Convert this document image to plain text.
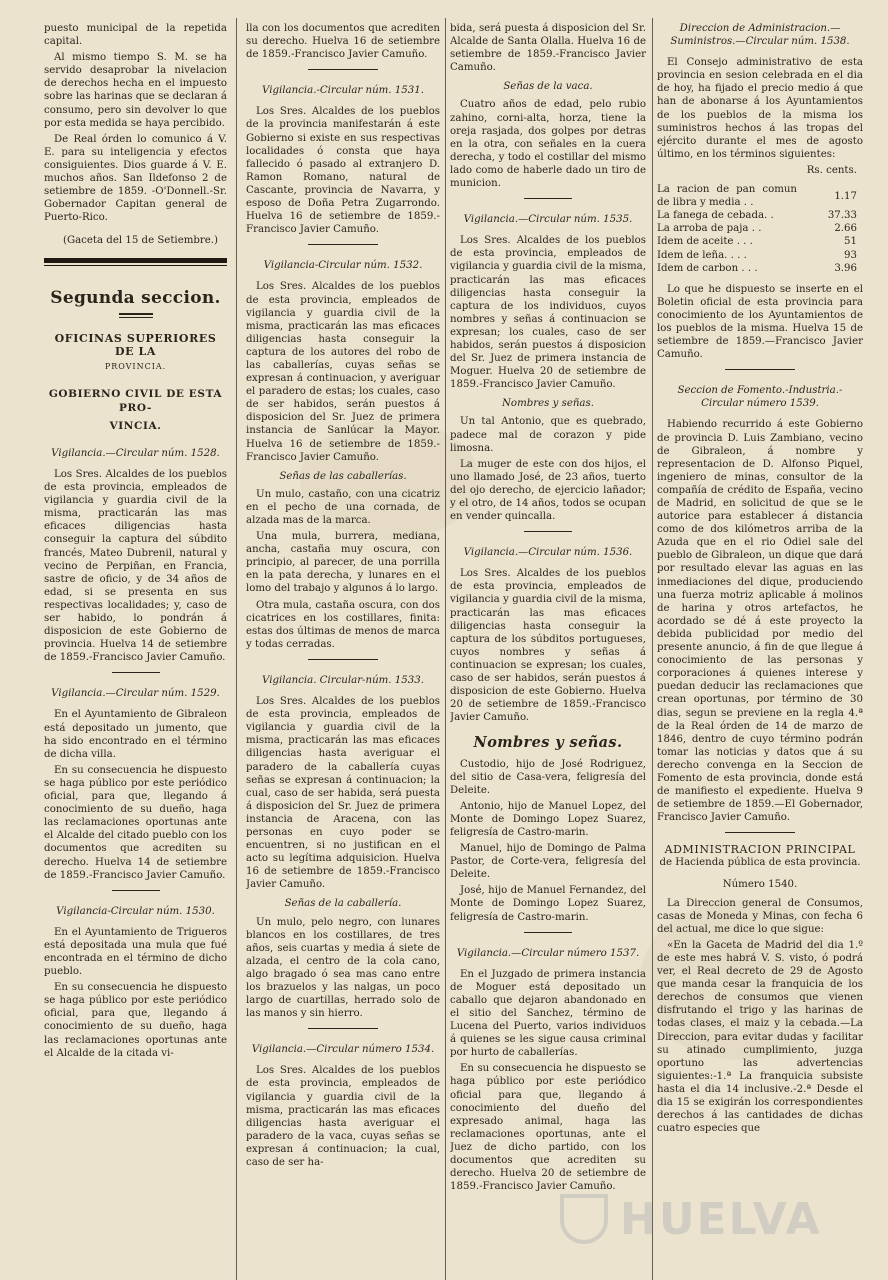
puesto municipal de la repetida capital.

Al mismo tiempo S. M. se ha servido desaprobar la nivelacion de derechos hecha en el impuesto sobre las harinas que se declaran á consumo, pero sin devolver lo que por esta medida se haya percibido.

De Real órden lo comunico á V. E. para su inteligencia y efectos consiguientes. Dios guarde á V. E. muchos años. San Ildefonso 2 de setiembre de 1859. -O'Donnell.-Sr. Gobernador Capitan general de Puerto-Rico.

(Gaceta del 15 de Setiembre.)

Segunda seccion.
OFICINAS SUPERIORES DE LA
PROVINCIA.
GOBIERNO CIVIL DE ESTA PRO-
VINCIA.
Vigilancia.—Circular núm. 1528.

Los Sres. Alcaldes de los pueblos de esta provincia, empleados de vigilancia y guardia civil de la misma, practicarán las mas eficaces diligencias hasta conseguir la captura del súbdito francés, Mateo Dubrenil, natural y vecino de Perpiñan, en Francia, sastre de oficio, y de 34 años de edad, si se presenta en sus respectivas localidades; y, caso de ser habido, lo pondrán á disposicion de este Gobierno de provincia. Huelva 14 de setiembre de 1859.-Francisco Javier Camuño.

Vigilancia.—Circular núm. 1529.

En el Ayuntamiento de Gibraleon está depositado un jumento, que ha sido encontrado en el término de dicha villa.

En su consecuencia he dispuesto se haga público por este periódico oficial, para que, llegando á conocimiento de su dueño, haga las reclamaciones oportunas ante el Alcalde del citado pueblo con los documentos que acrediten su derecho. Huelva 14 de setiembre de 1859.-Francisco Javier Camuño.

Vigilancia-Circular núm. 1530.

En el Ayuntamiento de Trigueros está depositada una mula que fué encontrada en el término de dicho pueblo.

En su consecuencia he dispuesto se haga público por este periódico oficial, para que, llegando á conocimiento de su dueño, haga las reclamaciones oportunas ante el Alcalde de la citada vi-

lla con los documentos que acrediten su derecho. Huelva 16 de setiembre de 1859.-Francisco Javier Camuño.

Vigilancia.-Circular núm. 1531.

Los Sres. Alcaldes de los pueblos de la provincia manifestarán á este Gobierno si existe en sus respectivas localidades ó consta que haya fallecido ó pasado al extranjero D. Ramon Romano, natural de Cascante, provincia de Navarra, y esposo de Doña Petra Zugarrondo. Huelva 16 de setiembre de 1859.-Francisco Javier Camuño.

Vigilancia-Circular núm. 1532.

Los Sres. Alcaldes de los pueblos de esta provincia, empleados de vigilancia y guardia civil de la misma, practicarán las mas eficaces diligencias hasta conseguir la captura de los autores del robo de las caballerías, cuyas señas se expresan á continuacion, y averiguar el paradero de estas; los cuales, caso de ser habidos, serán puestos á disposicion del Sr. Juez de primera instancia de Sanlúcar la Mayor. Huelva 16 de setiembre de 1859.-Francisco Javier Camuño.

Señas de las caballerías.

Un mulo, castaño, con una cicatriz en el pecho de una cornada, de alzada mas de la marca.

Una mula, burrera, mediana, ancha, castaña muy oscura, con principio, al parecer, de una porrilla en la pata derecha, y lunares en el lomo del trabajo y algunos á lo largo.

Otra mula, castaña oscura, con dos cicatrices en los costillares, finita: estas dos últimas de menos de marca y todas cerradas.

Vigilancia. Circular-núm. 1533.

Los Sres. Alcaldes de los pueblos de esta provincia, empleados de vigilancia y guardia civil de la misma, practicarán las mas eficaces diligencias hasta averiguar el paradero de la caballería cuyas señas se expresan á continuacion; la cual, caso de ser habida, será puesta á disposicion del Sr. Juez de primera instancia de Aracena, con las personas en cuyo poder se encuentren, si no justifican en el acto su legítima adquisicion. Huelva 16 de setiembre de 1859.-Francisco Javier Camuño.

Señas de la caballería.

Un mulo, pelo negro, con lunares blancos en los costillares, de tres años, seis cuartas y media á siete de alzada, el centro de la cola cano, algo bragado ó sea mas cano entre los brazuelos y las nalgas, un poco largo de cuartillas, herrado solo de las manos y sin hierro.

Vigilancia.—Circular número 1534.

Los Sres. Alcaldes de los pueblos de esta provincia, empleados de vigilancia y guardia civil de la misma, practicarán las mas eficaces diligencias hasta averiguar el paradero de la vaca, cuyas señas se expresan á continuacion; la cual, caso de ser ha-

bida, será puesta á disposicion del Sr. Alcalde de Santa Olalla. Huelva 16 de setiembre de 1859.-Francisco Javier Camuño.

Señas de la vaca.

Cuatro años de edad, pelo rubio zahino, corni-alta, horza, tiene la oreja rasjada, dos golpes por detras en la otra, con señales en la cuera derecha, y todo el costillar del mismo lado como de haberle dado un tiro de municion.

Vigilancia.—Circular núm. 1535.

Los Sres. Alcaldes de los pueblos de esta provincia, empleados de vigilancia y guardia civil de la misma, practicarán las mas eficaces diligencias hasta conseguir la captura de los individuos, cuyos nombres y señas á continuacion se expresan; los cuales, caso de ser habidos, serán puestos á disposicion del Sr. Juez de primera instancia de Moguer. Huelva 20 de setiembre de 1859.-Francisco Javier Camuño.

Nombres y señas.

Un tal Antonio, que es quebrado, padece mal de corazon y pide limosna.

La muger de este con dos hijos, el uno llamado José, de 23 años, tuerto del ojo derecho, de ejercicio lañador; y el otro, de 14 años, todos se ocupan en vender quincalla.

Vigilancia.—Circular núm. 1536.

Los Sres. Alcaldes de los pueblos de esta provincia, empleados de vigilancia y guardia civil de la misma, practicarán las mas eficaces diligencias hasta conseguir la captura de los súbditos portugueses, cuyos nombres y señas á continuacion se expresan; los cuales, caso de ser habidos, serán puestos á disposicion de este Gobierno. Huelva 20 de setiembre de 1859.-Francisco Javier Camuño.

Nombres y señas.

Custodio, hijo de José Rodriguez, del sitio de Casa-vera, feligresía del Deleite.

Antonio, hijo de Manuel Lopez, del Monte de Domingo Lopez Suarez, feligresía de Castro-marin.

Manuel, hijo de Domingo de Palma Pastor, de Corte-vera, feligresía del Deleite.

José, hijo de Manuel Fernandez, del Monte de Domingo Lopez Suarez, feligresía de Castro-marin.

Vigilancia.—Circular número 1537.

En el Juzgado de primera instancia de Moguer está depositado un caballo que dejaron abandonado en el sitio del Sanchez, término de Lucena del Puerto, varios individuos á quienes se les sigue causa criminal por hurto de caballerías.

En su consecuencia he dispuesto se haga público por este periódico oficial para que, llegando á conocimiento del dueño del expresado animal, haga las reclamaciones oportunas, ante el Juez de dicho partido, con los documentos que acrediten su derecho. Huelva 20 de setiembre de 1859.-Francisco Javier Camuño.

Direccion de Administracion.—Suministros.—Circular núm. 1538.

El Consejo administrativo de esta provincia en sesion celebrada en el dia de hoy, ha fijado el precio medio á que han de abonarse á los Ayuntamientos de los pueblos de la misma los suministros hechos á las tropas del ejército durante el mes de agosto último, en los términos siguientes:

Rs. cents.
La racion de pan comun de libra y media . .	1.17
La fanega de cebada. .	37.33
La arroba de paja . .	2.66
Idem de aceite . . .	51
Idem de leña. . . .	93
Idem de carbon . . .	3.96

Lo que he dispuesto se inserte en el Boletin oficial de esta provincia para conocimiento de los Ayuntamientos de los pueblos de la misma. Huelva 15 de setiembre de 1859.—Francisco Javier Camuño.

Seccion de Fomento.-Industria.-Circular número 1539.

Habiendo recurrido á este Gobierno de provincia D. Luis Zambiano, vecino de Gibraleon, á nombre y representacion de D. Alfonso Piquel, ingeniero de minas, consultor de la compañía de crédito de España, vecino de Madrid, en solicitud de que se le autorice para establecer á distancia como de dos kilómetros arriba de la Azuda que en el rio Odiel sale del pueblo de Gibraleon, un dique que dará por resultado elevar las aguas en las inmediaciones del dique, produciendo una fuerza motriz aplicable á molinos de harina y otros artefactos, he acordado se dé á este proyecto la debida publicidad por medio del presente anuncio, á fin de que llegue á conocimiento de las personas y corporaciones á quienes interese y puedan deducir las reclamaciones que crean oportunas, por término de 30 dias, segun se previene en la regla 4.ª de la Real órden de 14 de marzo de 1846, dentro de cuyo término podrán tomar las noticias y datos que á su derecho convenga en la Seccion de Fomento de esta provincia, donde está de manifiesto el expediente. Huelva 9 de setiembre de 1859.—El Gobernador, Francisco Javier Camuño.

ADMINISTRACION PRINCIPAL

de Hacienda pública de esta provincia.

Número 1540.

La Direccion general de Consumos, casas de Moneda y Minas, con fecha 6 del actual, me dice lo que sigue:

«En la Gaceta de Madrid del dia 1.º de este mes habrá V. S. visto, ó podrá ver, el Real decreto de 29 de Agosto que manda cesar la franquicia de los derechos de consumos que vienen disfrutando el trigo y las harinas de todas clases, el maiz y la cebada.—La Direccion, para evitar dudas y facilitar su atinado cumplimiento, juzga oportuno las advertencias siguientes:-1.ª La franquicia subsiste hasta el dia 14 inclusive.-2.ª Desde el dia 15 se exigirán los correspondientes derechos á las cantidades de dichas cuatro especies que

HUELVA
